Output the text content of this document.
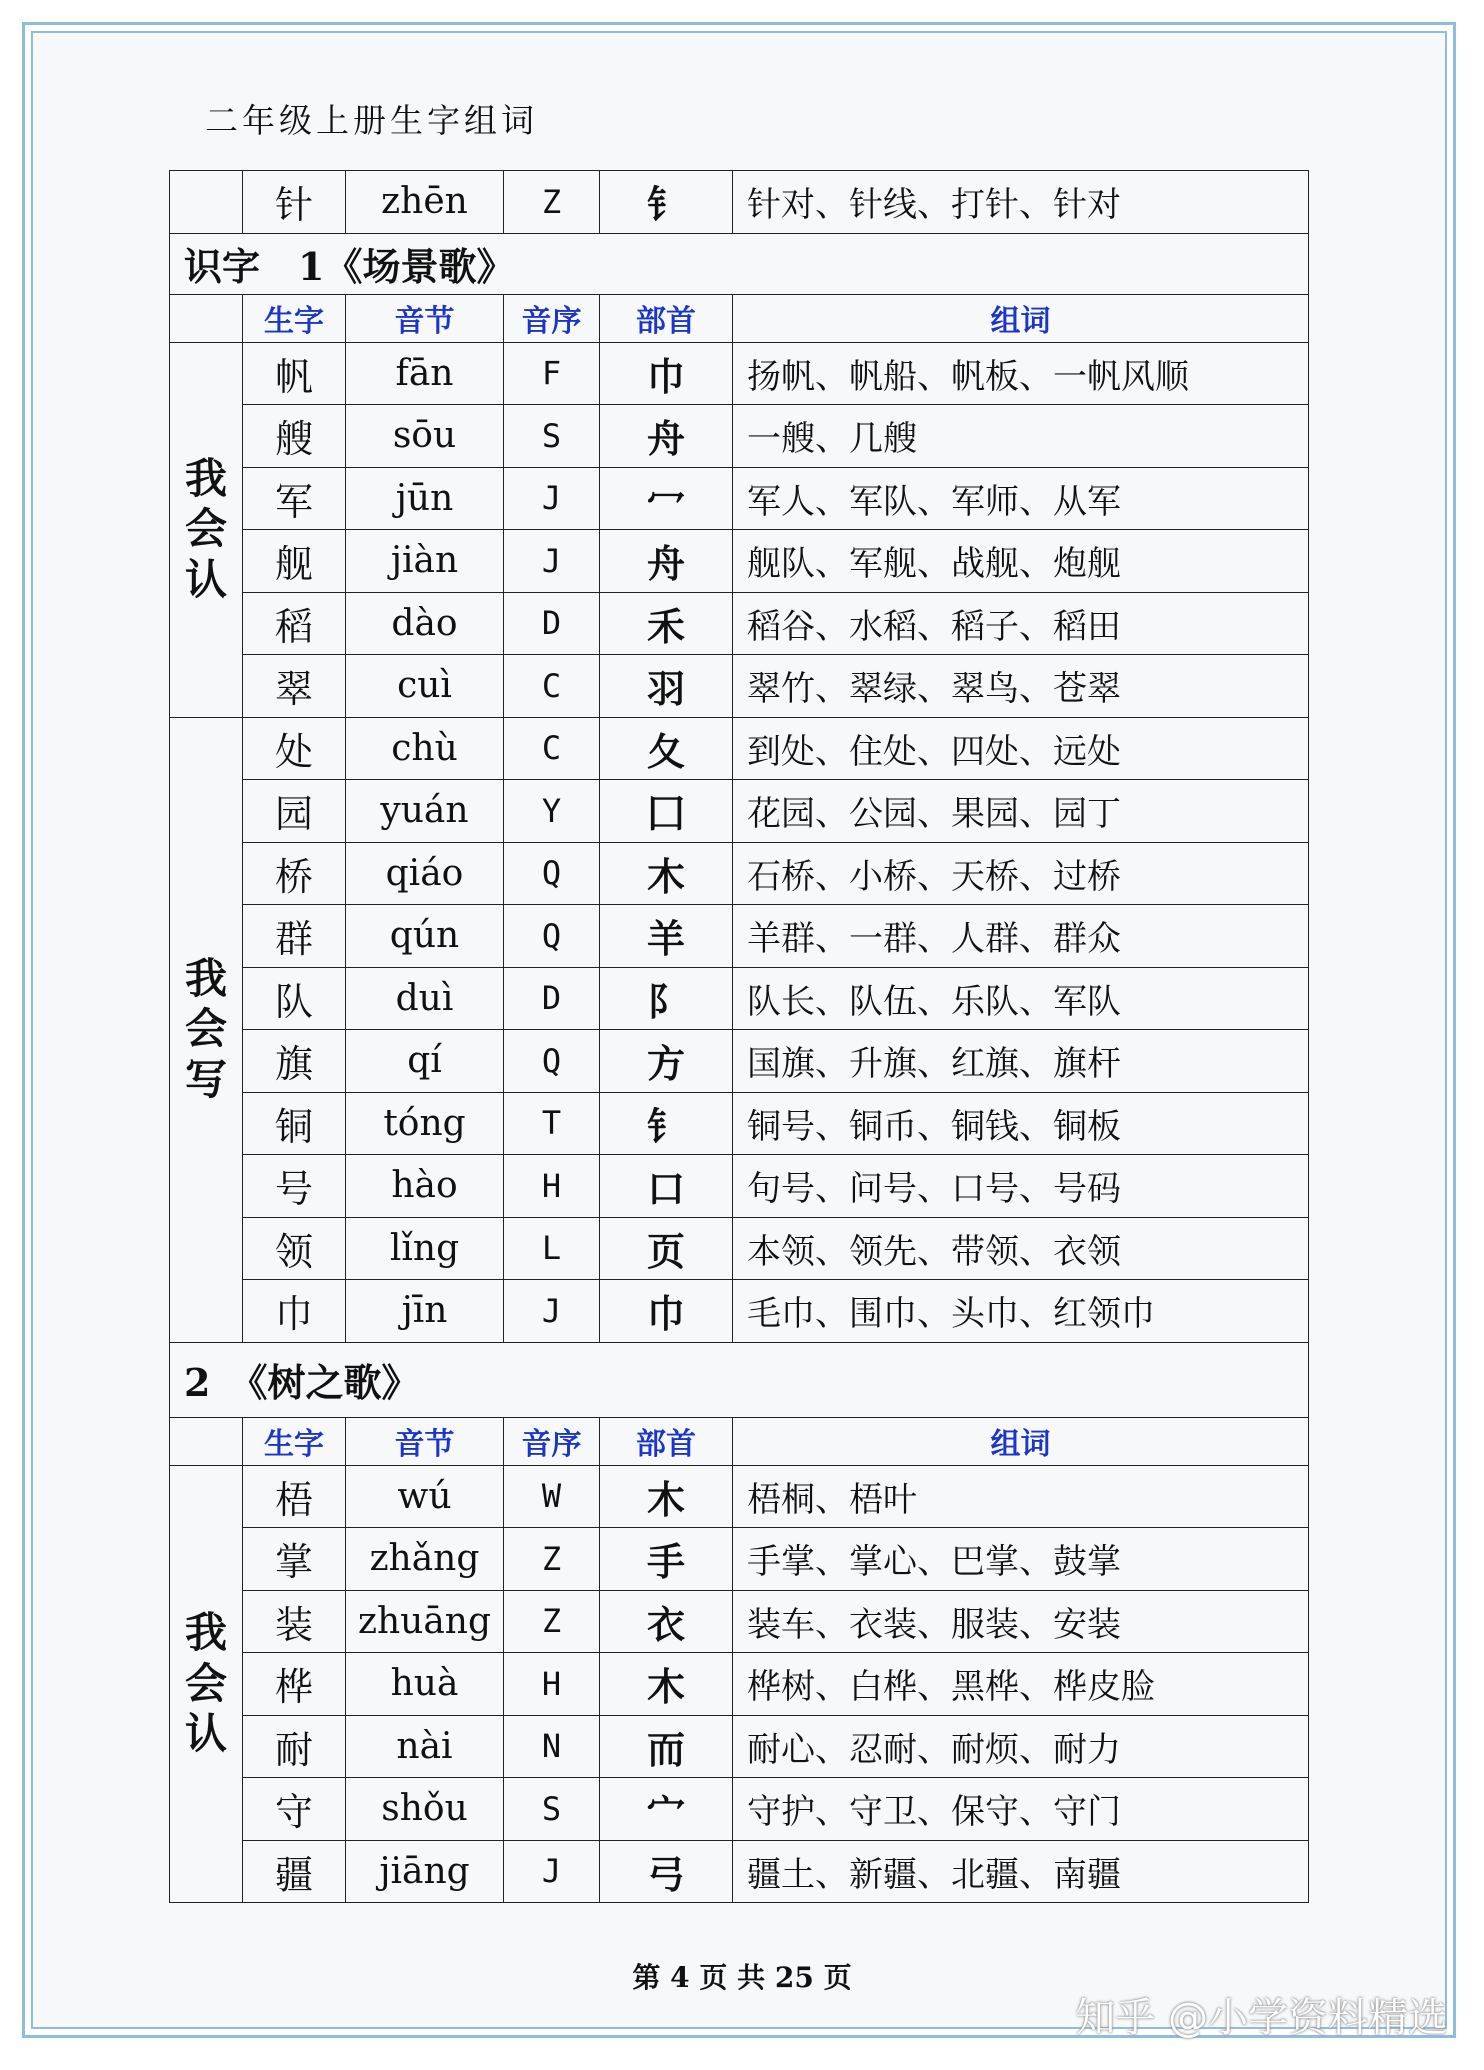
二年级上册生字组词
	针	zhēn	Z	钅	针对、针线、打针、针对
识字　1《场景歌》					
	生字	音节	音序	部首	组词

我
会
认	帆	fān	F	巾	扬帆、帆船、帆板、一帆风顺
	艘	sōu	S	舟	一艘、几艘
	军	jūn	J	冖	军人、军队、军师、从军
	舰	jiàn	J	舟	舰队、军舰、战舰、炮舰
	稻	dào	D	禾	稻谷、水稻、稻子、稻田
	翠	cuì	C	羽	翠竹、翠绿、翠鸟、苍翠

我
会
写	处	chù	C	夂	到处、住处、四处、远处
	园	yuán	Y	囗	花园、公园、果园、园丁
	桥	qiáo	Q	木	石桥、小桥、天桥、过桥
	群	qún	Q	羊	羊群、一群、人群、群众
	队	duì	D	阝	队长、队伍、乐队、军队
	旗	qí	Q	方	国旗、升旗、红旗、旗杆
	铜	tóng	T	钅	铜号、铜币、铜钱、铜板
	号	hào	H	口	句号、问号、口号、号码
	领	lǐng	L	页	本领、领先、带领、衣领
	巾	jīn	J	巾	毛巾、围巾、头巾、红领巾
2　《树之歌》					
	生字	音节	音序	部首	组词

我
会
认	梧	wú	W	木	梧桐、梧叶
	掌	zhǎng	Z	手	手掌、掌心、巴掌、鼓掌
	装	zhuāng	Z	衣	装车、衣装、服装、安装
	桦	huà	H	木	桦树、白桦、黑桦、桦皮脸
	耐	nài	N	而	耐心、忍耐、耐烦、耐力
	守	shǒu	S	宀	守护、守卫、保守、守门
	疆	jiāng	J	弓	疆土、新疆、北疆、南疆
第 4 页 共 25 页
知乎 @小学资料精选
